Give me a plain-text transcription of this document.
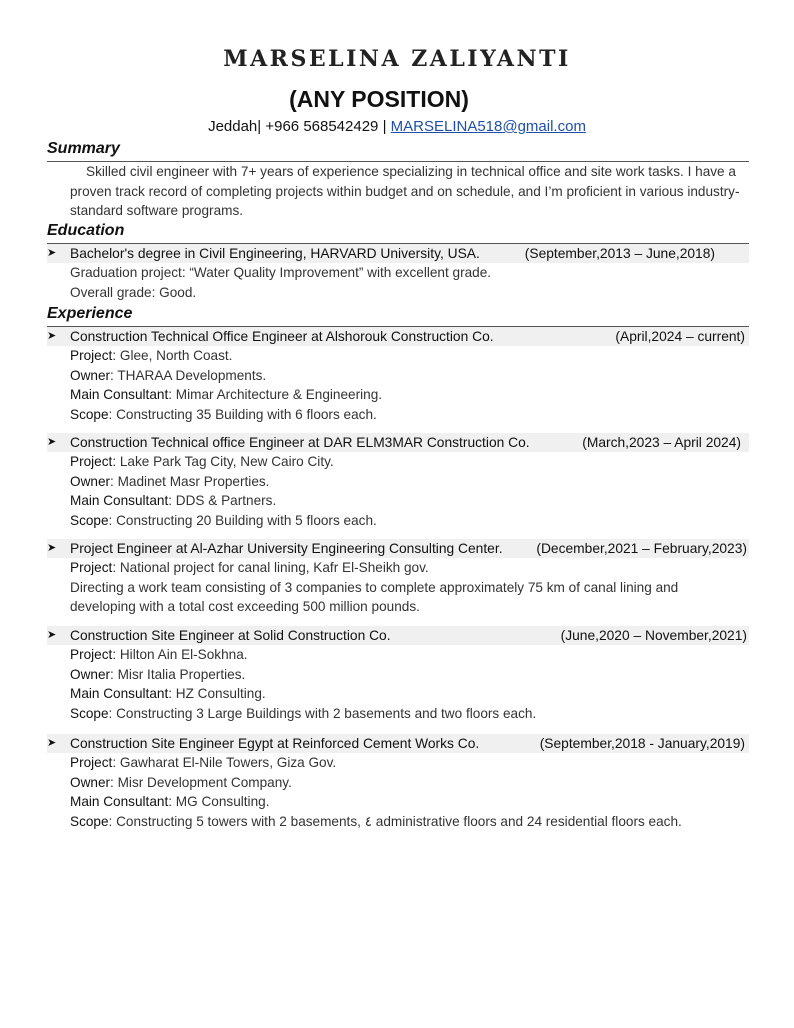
MARSELINA ZALIYANTI
(ANY POSITION)
Jeddah| +966 568542429 | MARSELINA518@gmail.com
Summary
Skilled civil engineer with 7+ years of experience specializing in technical office and site work tasks. I have a proven track record of completing projects within budget and on schedule, and I’m proficient in various industry-standard software programs.
Education
➤ Bachelor's degree in Civil Engineering, HARVARD University, USA.	(September,2013 – June,2018)
Graduation project: “Water Quality Improvement” with excellent grade.
Overall grade: Good.
Experience
➤ Construction Technical Office Engineer at Alshorouk Construction Co.	(April,2024 – current)
Project: Glee, North Coast.
Owner: THARAA Developments.
Main Consultant: Mimar Architecture & Engineering.
Scope: Constructing 35 Building with 6 floors each.
➤ Construction Technical office Engineer at DAR ELM3MAR Construction Co.	(March,2023 – April 2024)
Project: Lake Park Tag City, New Cairo City.
Owner: Madinet Masr Properties.
Main Consultant: DDS & Partners.
Scope: Constructing 20 Building with 5 floors each.
➤ Project Engineer at Al-Azhar University Engineering Consulting Center. (December,2021 – February,2023)
Project: National project for canal lining, Kafr El-Sheikh gov.
Directing a work team consisting of 3 companies to complete approximately 75 km of canal lining and developing with a total cost exceeding 500 million pounds.
➤ Construction Site Engineer at Solid Construction Co.	(June,2020 – November,2021)
Project: Hilton Ain El-Sokhna.
Owner: Misr Italia Properties.
Main Consultant: HZ Consulting.
Scope: Constructing 3 Large Buildings with 2 basements and two floors each.
➤ Construction Site Engineer Egypt at Reinforced Cement Works Co.	(September,2018 - January,2019)
Project: Gawharat El-Nile Towers, Giza Gov.
Owner: Misr Development Company.
Main Consultant: MG Consulting.
Scope: Constructing 5 towers with 2 basements, ٤ administrative floors and 24 residential floors each.
